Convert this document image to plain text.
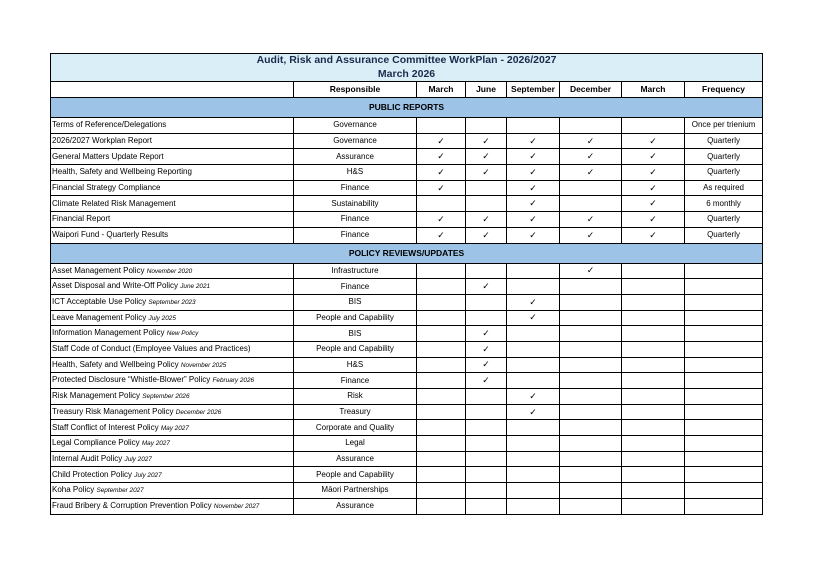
Audit, Risk and Assurance Committee WorkPlan - 2026/2027
March 2026							

	Responsible	March	June	September	December	March	Frequency
PUBLIC REPORTS							
Terms of Reference/Delegations	Governance						Once per trienium
2026/2027 Workplan Report	Governance	✓	✓	✓	✓	✓	Quarterly
General Matters Update Report	Assurance	✓	✓	✓	✓	✓	Quarterly
Health, Safety and Wellbeing Reporting	H&S	✓	✓	✓	✓	✓	Quarterly
Financial Strategy Compliance	Finance	✓		✓		✓	As required
Climate Related Risk Management	Sustainability			✓		✓	6 monthly
Financial Report	Finance	✓	✓	✓	✓	✓	Quarterly
Waipori Fund - Quarterly Results	Finance	✓	✓	✓	✓	✓	Quarterly
POLICY REVIEWS/UPDATES							
Asset Management Policy November 2020	Infrastructure				✓		
Asset Disposal and Write-Off Policy June 2021	Finance		✓				
ICT Acceptable Use Policy September 2023	BIS			✓			
Leave Management Policy July 2025	People and Capability			✓			
Information Management Policy New Policy	BIS		✓				
Staff Code of Conduct (Employee Values and Practices)	People and Capability		✓				
Health, Safety and Wellbeing Policy November 2025	H&S		✓				
Protected Disclosure “Whistle-Blower” Policy February 2026	Finance		✓				
Risk Management Policy September 2026	Risk			✓			
Treasury Risk Management Policy December 2026	Treasury			✓			
Staff Conflict of Interest Policy May 2027	Corporate and Quality						
Legal Compliance Policy May 2027	Legal						
Internal Audit Policy July 2027	Assurance						
Child Protection Policy July 2027	People and Capability						
Koha Policy September 2027	Māori Partnerships						
Fraud Bribery & Corruption Prevention Policy November 2027	Assurance						
